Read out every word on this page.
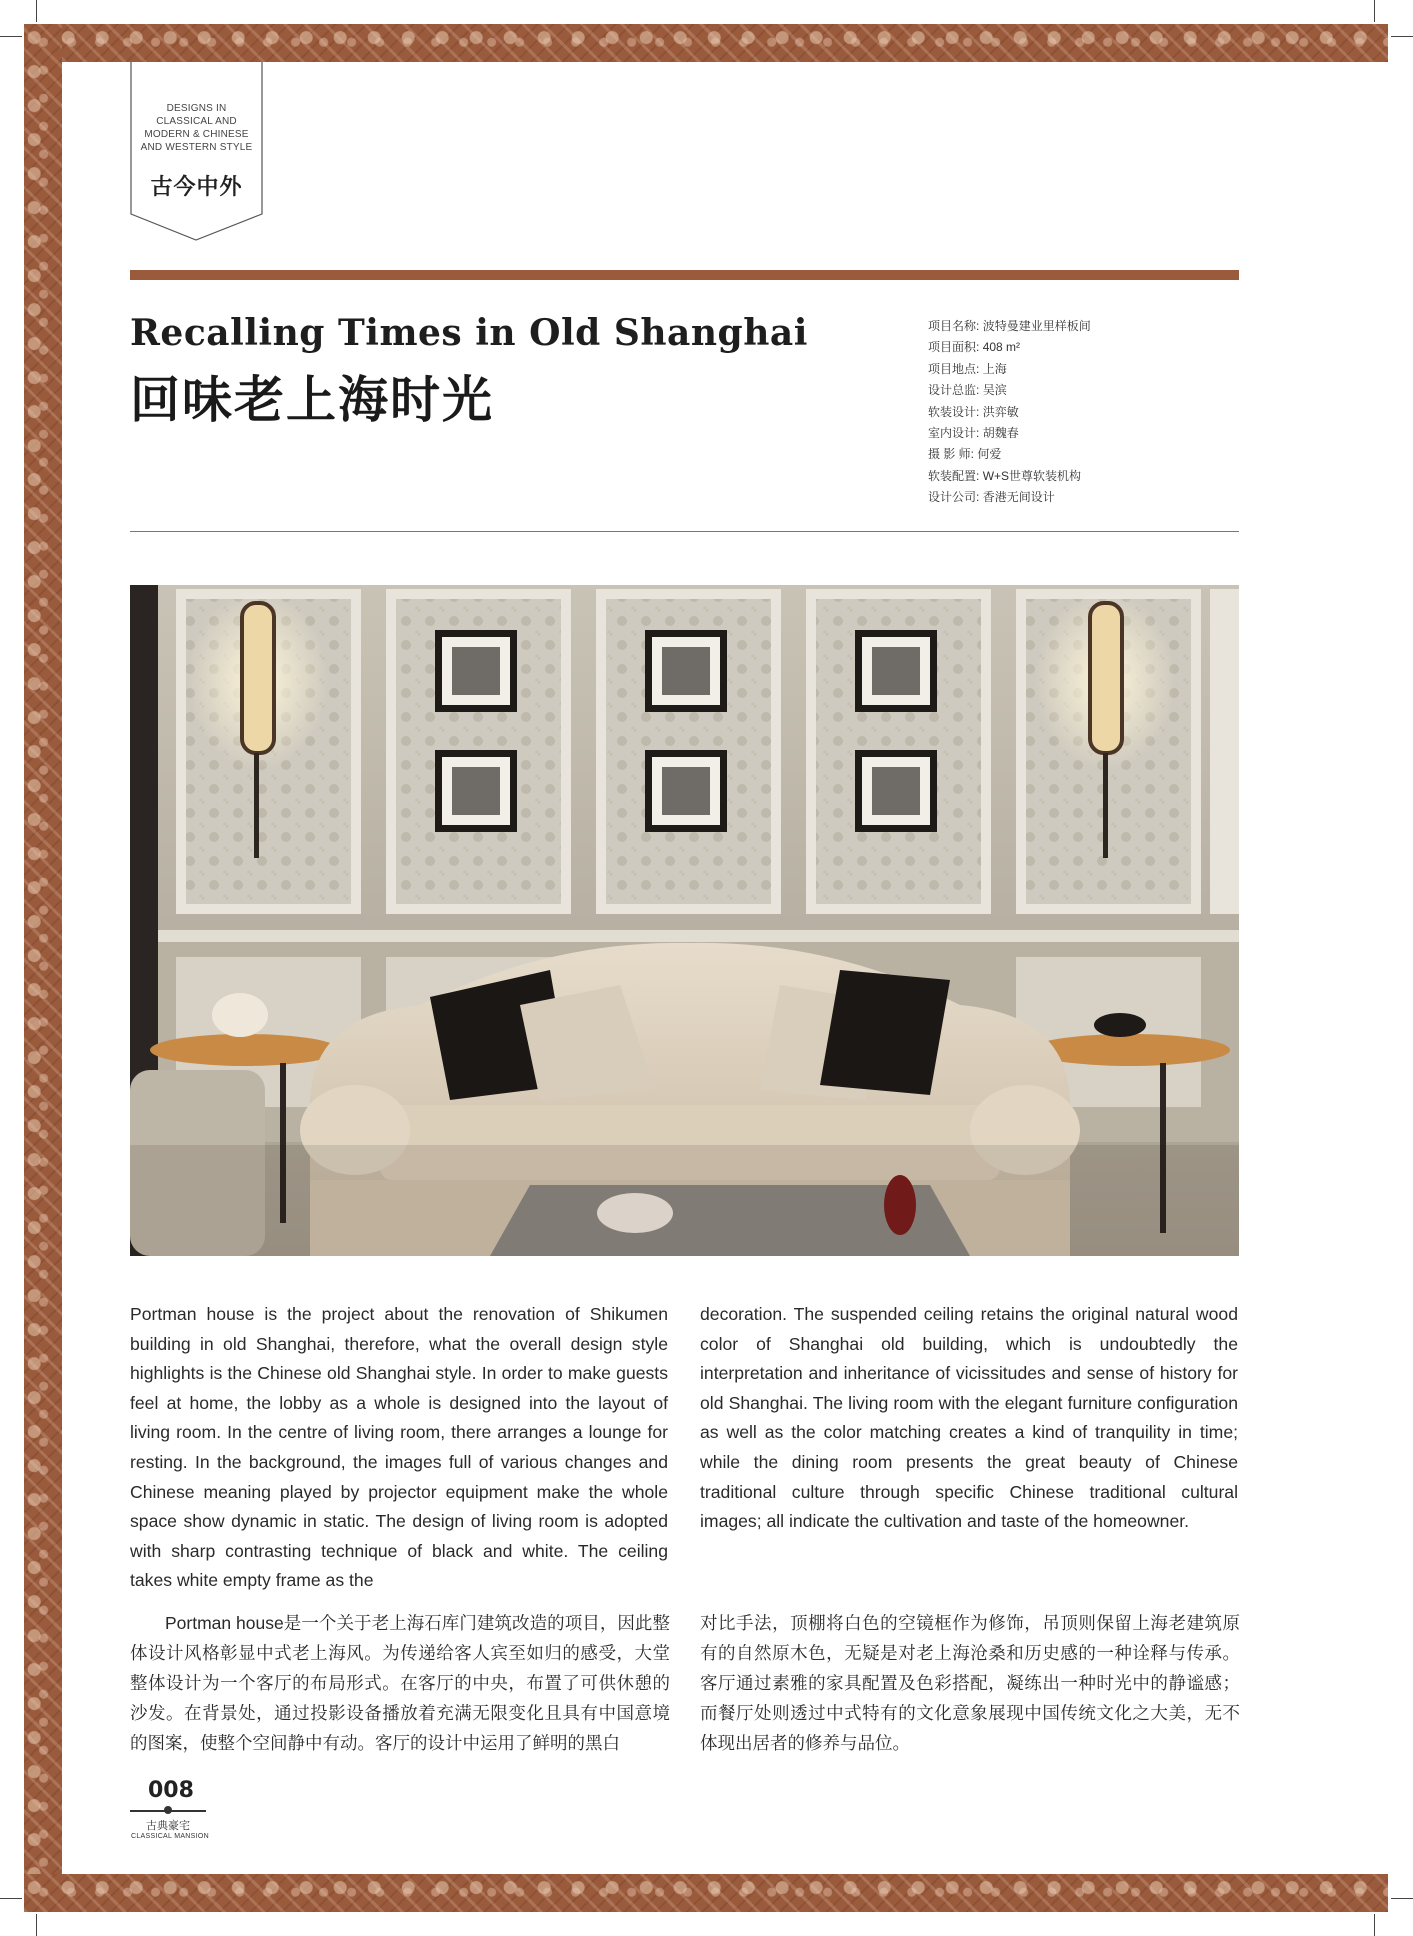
DESIGNS IN CLASSICAL AND MODERN & CHINESE AND WESTERN STYLE
古今中外
Recalling Times in Old Shanghai
回味老上海时光
项目名称: 波特曼建业里样板间
项目面积: 408 m²
项目地点: 上海
设计总监: 吴滨
软装设计: 洪弈敏
室内设计: 胡魏春
摄 影 师: 何爱
软装配置: W+S世尊软装机构
设计公司: 香港无间设计
Portman house is the project about the renovation of Shikumen building in old Shanghai, therefore, what the overall design style highlights is the Chinese old Shanghai style. In order to make guests feel at home, the lobby as a whole is designed into the layout of living room. In the centre of living room, there arranges a lounge for resting. In the background, the images full of various changes and Chinese meaning played by projector equipment make the whole space show dynamic in static. The design of living room is adopted with sharp contrasting technique of black and white. The ceiling takes white empty frame as the
decoration. The suspended ceiling retains the original natural wood color of Shanghai old building, which is undoubtedly the interpretation and inheritance of vicissitudes and sense of history for old Shanghai. The living room with the elegant furniture configuration as well as the color matching creates a kind of tranquility in time; while the dining room presents the great beauty of Chinese traditional culture through specific Chinese traditional cultural images; all indicate the cultivation and taste of the homeowner.
Portman house是一个关于老上海石库门建筑改造的项目，因此整体设计风格彰显中式老上海风。为传递给客人宾至如归的感受，大堂整体设计为一个客厅的布局形式。在客厅的中央，布置了可供休憩的沙发。在背景处，通过投影设备播放着充满无限变化且具有中国意境的图案，使整个空间静中有动。客厅的设计中运用了鲜明的黑白
对比手法，顶棚将白色的空镜框作为修饰，吊顶则保留上海老建筑原有的自然原木色，无疑是对老上海沧桑和历史感的一种诠释与传承。客厅通过素雅的家具配置及色彩搭配，凝练出一种时光中的静谧感；而餐厅处则透过中式特有的文化意象展现中国传统文化之大美，无不体现出居者的修养与品位。
008
古典豪宅
CLASSICAL MANSION
